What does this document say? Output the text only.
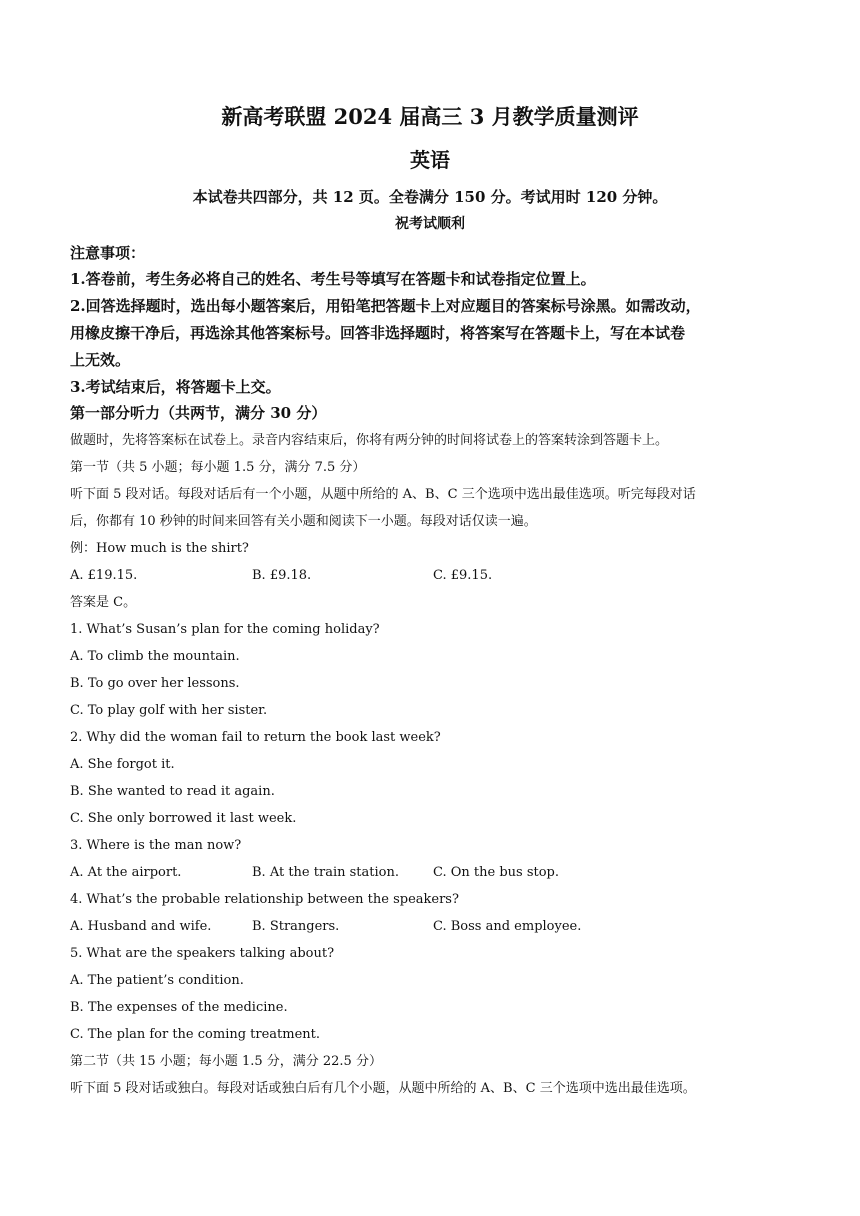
新高考联盟 2024 届高三 3 月教学质量测评
英语
本试卷共四部分，共 12 页。全卷满分 150 分。考试用时 120 分钟。
祝考试顺利
注意事项：
1.答卷前，考生务必将自己的姓名、考生号等填写在答题卡和试卷指定位置上。
2.回答选择题时，选出每小题答案后，用铅笔把答题卡上对应题目的答案标号涂黑。如需改动，
用橡皮擦干净后，再选涂其他答案标号。回答非选择题时，将答案写在答题卡上，写在本试卷
上无效。
3.考试结束后，将答题卡上交。
第一部分听力（共两节，满分 30 分）
做题时，先将答案标在试卷上。录音内容结束后，你将有两分钟的时间将试卷上的答案转涂到答题卡上。
第一节（共 5 小题；每小题 1.5 分，满分 7.5 分）
听下面 5 段对话。每段对话后有一个小题，从题中所给的 A、B、C 三个选项中选出最佳选项。听完每段对话
后，你都有 10 秒钟的时间来回答有关小题和阅读下一小题。每段对话仅读一遍。
例：How much is the shirt?
A. £19.15.	B. £9.18.	C. £9.15.
答案是 C。
1. What’s Susan’s plan for the coming holiday?
A. To climb the mountain.
B. To go over her lessons.
C. To play golf with her sister.
2. Why did the woman fail to return the book last week?
A. She forgot it.
B. She wanted to read it again.
C. She only borrowed it last week.
3. Where is the man now?
A. At the airport.	B. At the train station.	C. On the bus stop.
4. What’s the probable relationship between the speakers?
A. Husband and wife.	B. Strangers.	C. Boss and employee.
5. What are the speakers talking about?
A. The patient’s condition.
B. The expenses of the medicine.
C. The plan for the coming treatment.
第二节（共 15 小题；每小题 1.5 分，满分 22.5 分）
听下面 5 段对话或独白。每段对话或独白后有几个小题，从题中所给的 A、B、C 三个选项中选出最佳选项。
